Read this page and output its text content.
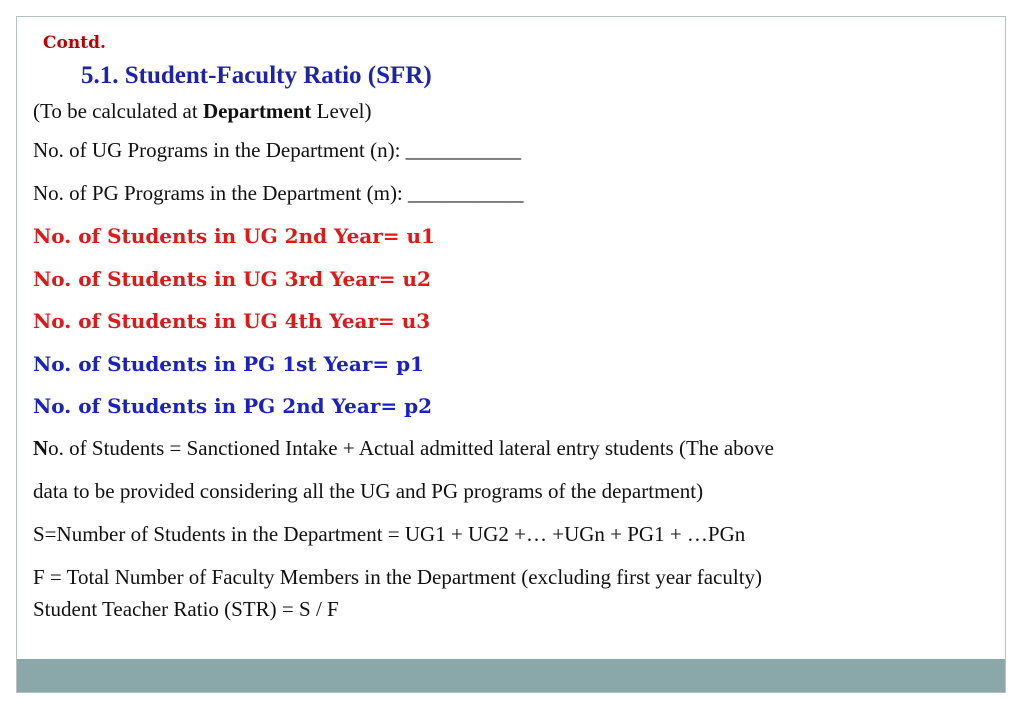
Contd.
5.1. Student-Faculty Ratio (SFR)
(To be calculated at Department Level)
No. of UG Programs in the Department (n): ___________
No. of PG Programs in the Department (m): ___________
No. of Students in UG 2nd Year= u1
No. of Students in UG 3rd Year= u2
No. of Students in UG 4th Year= u3
No. of Students in PG 1st Year= p1
No. of Students in PG 2nd Year= p2
No. of Students = Sanctioned Intake + Actual admitted lateral entry students (The above
data to be provided considering all the UG and PG programs of the department)
S=Number of Students in the Department = UG1 + UG2 +… +UGn + PG1 + …PGn
F = Total Number of Faculty Members in the Department (excluding first year faculty)
Student Teacher Ratio (STR) = S / F
